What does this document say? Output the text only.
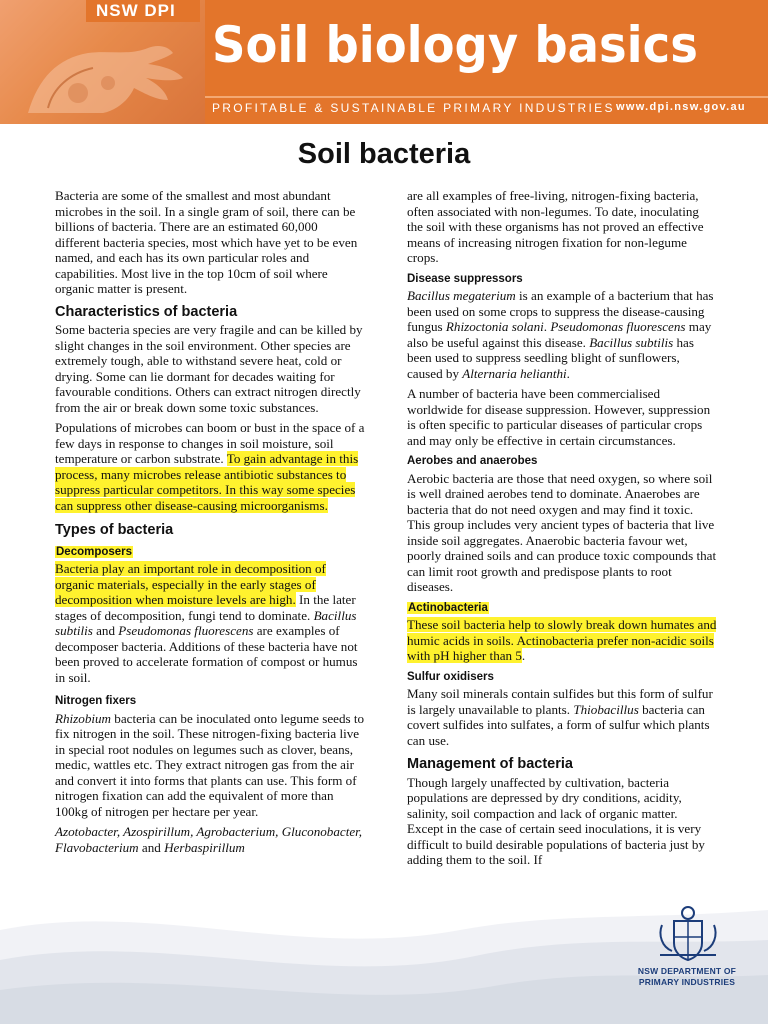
NSW DPI
Soil biology basics
PROFITABLE & SUSTAINABLE PRIMARY INDUSTRIES www.dpi.nsw.gov.au
Soil bacteria

Bacteria are some of the smallest and most abundant microbes in the soil. In a single gram of soil, there can be billions of bacteria. There are an estimated 60,000 different bacteria species, most which have yet to be even named, and each has its own particular roles and capabilities. Most live in the top 10cm of soil where organic matter is present.

Characteristics of bacteria

Some bacteria species are very fragile and can be killed by slight changes in the soil environment. Other species are extremely tough, able to withstand severe heat, cold or drying. Some can lie dormant for decades waiting for favourable conditions. Others can extract nitrogen directly from the air or break down some toxic substances.

Populations of microbes can boom or bust in the space of a few days in response to changes in soil moisture, soil temperature or carbon substrate. To gain advantage in this process, many microbes release antibiotic substances to suppress particular competitors. In this way some species can suppress other disease-causing microorganisms.

Types of bacteria
Decomposers

Bacteria play an important role in decomposition of organic materials, especially in the early stages of decomposition when moisture levels are high. In the later stages of decomposition, fungi tend to dominate. Bacillus subtilis and Pseudomonas fluorescens are examples of decomposer bacteria. Additions of these bacteria have not been proved to accelerate formation of compost or humus in soil.

Nitrogen fixers

Rhizobium bacteria can be inoculated onto legume seeds to fix nitrogen in the soil. These nitrogen-fixing bacteria live in special root nodules on legumes such as clover, beans, medic, wattles etc. They extract nitrogen gas from the air and convert it into forms that plants can use. This form of nitrogen fixation can add the equivalent of more than 100kg of nitrogen per hectare per year.

Azotobacter, Azospirillum, Agrobacterium, Gluconobacter, Flavobacterium and Herbaspirillum

are all examples of free-living, nitrogen-fixing bacteria, often associated with non-legumes. To date, inoculating the soil with these organisms has not proved an effective means of increasing nitrogen fixation for non-legume crops.

Disease suppressors

Bacillus megaterium is an example of a bacterium that has been used on some crops to suppress the disease-causing fungus Rhizoctonia solani. Pseudomonas fluorescens may also be useful against this disease. Bacillus subtilis has been used to suppress seedling blight of sunflowers, caused by Alternaria helianthi.

A number of bacteria have been commercialised worldwide for disease suppression. However, suppression is often specific to particular diseases of particular crops and may only be effective in certain circumstances.

Aerobes and anaerobes

Aerobic bacteria are those that need oxygen, so where soil is well drained aerobes tend to dominate. Anaerobes are bacteria that do not need oxygen and may find it toxic. This group includes very ancient types of bacteria that live inside soil aggregates. Anaerobic bacteria favour wet, poorly drained soils and can produce toxic compounds that can limit root growth and predispose plants to root diseases.

Actinobacteria

These soil bacteria help to slowly break down humates and humic acids in soils. Actinobacteria prefer non-acidic soils with pH higher than 5.

Sulfur oxidisers

Many soil minerals contain sulfides but this form of sulfur is largely unavailable to plants. Thiobacillus bacteria can covert sulfides into sulfates, a form of sulfur which plants can use.

Management of bacteria

Though largely unaffected by cultivation, bacteria populations are depressed by dry conditions, acidity, salinity, soil compaction and lack of organic matter. Except in the case of certain seed inoculations, it is very difficult to build desirable populations of bacteria just by adding them to the soil. If

NSW DEPARTMENT OF
PRIMARY INDUSTRIES
